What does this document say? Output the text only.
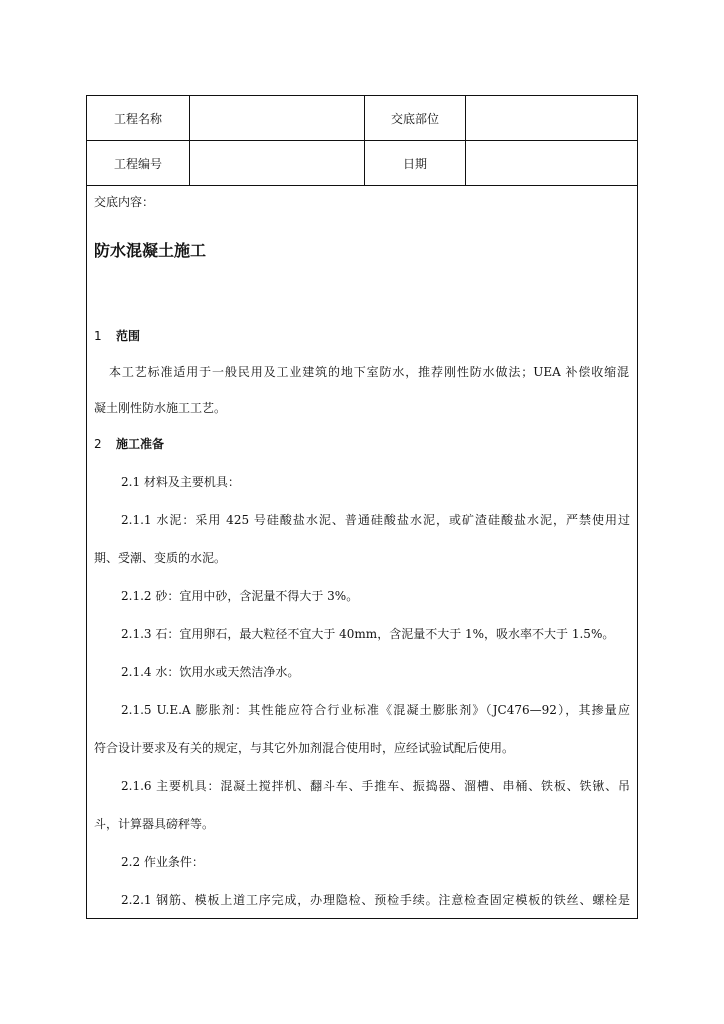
工程名称	交底部位
工程编号	日期
交底内容：
防水混凝土施工
1 范围
本工艺标准适用于一般民用及工业建筑的地下室防水，推荐刚性防水做法；UEA 补偿收缩混
凝土刚性防水施工工艺。
2 施工准备
2.1 材料及主要机具：
2.1.1 水泥：采用 425 号硅酸盐水泥、普通硅酸盐水泥，或矿渣硅酸盐水泥，严禁使用过
期、受潮、变质的水泥。
2.1.2 砂：宜用中砂，含泥量不得大于 3%。
2.1.3 石：宜用卵石，最大粒径不宜大于 40mm，含泥量不大于 1%，吸水率不大于 1.5%。
2.1.4 水：饮用水或天然洁净水。
2.1.5 U.E.A 膨胀剂：其性能应符合行业标准《混凝土膨胀剂》（JC476—92），其掺量应
符合设计要求及有关的规定，与其它外加剂混合使用时，应经试验试配后使用。
2.1.6 主要机具：混凝土搅拌机、翻斗车、手推车、振捣器、溜槽、串桶、铁板、铁锹、吊
斗，计算器具磅秤等。
2.2 作业条件：
2.2.1 钢筋、模板上道工序完成，办理隐检、预检手续。注意检查固定模板的铁丝、螺栓是
